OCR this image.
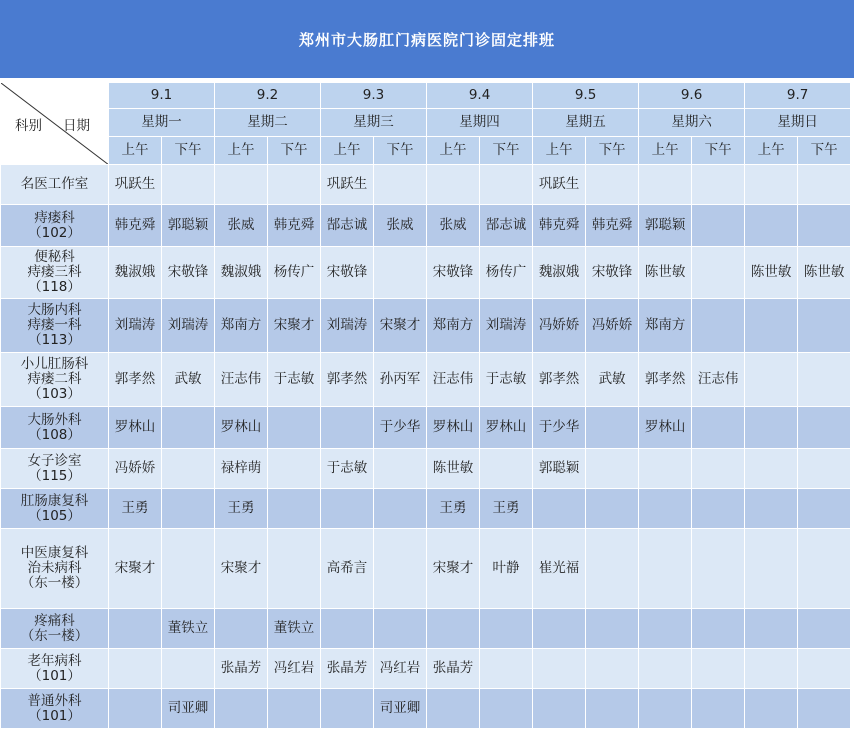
郑州市大肠肛门病医院门诊固定排班
科别 日期	9.1		9.2		9.3		9.4		9.5		9.6		9.7	
	星期一		星期二		星期三		星期四		星期五		星期六		星期日	
	上午	下午	上午	下午	上午	下午	上午	下午	上午	下午	上午	下午	上午	下午

名医工作室	巩跃生				巩跃生				巩跃生					

痔瘘科
（102）	韩克舜	郭聪颖	张威	韩克舜	郜志诚	张威	张威	郜志诚	韩克舜	韩克舜	郭聪颖			

便秘科
痔瘘三科
（118）	魏淑娥	宋敬锋	魏淑娥	杨传广	宋敬锋		宋敬锋	杨传广	魏淑娥	宋敬锋	陈世敏		陈世敏	陈世敏

大肠内科
痔瘘一科
（113）	刘瑞涛	刘瑞涛	郑南方	宋聚才	刘瑞涛	宋聚才	郑南方	刘瑞涛	冯娇娇	冯娇娇	郑南方			

小儿肛肠科
痔瘘二科
（103）	郭孝然	武敏	汪志伟	于志敏	郭孝然	孙丙军	汪志伟	于志敏	郭孝然	武敏	郭孝然	汪志伟		

大肠外科
（108）	罗林山		罗林山			于少华	罗林山	罗林山	于少华		罗林山			

女子诊室
（115）	冯娇娇		禄梓萌		于志敏		陈世敏		郭聪颖					

肛肠康复科
（105）	王勇		王勇				王勇	王勇						

中医康复科
治未病科
（东一楼）	宋聚才		宋聚才		高希言		宋聚才	叶静	崔光福					

疼痛科
（东一楼）		董铁立		董铁立										

老年病科
（101）			张晶芳	冯红岩	张晶芳	冯红岩	张晶芳							

普通外科
（101）		司亚卿				司亚卿								
